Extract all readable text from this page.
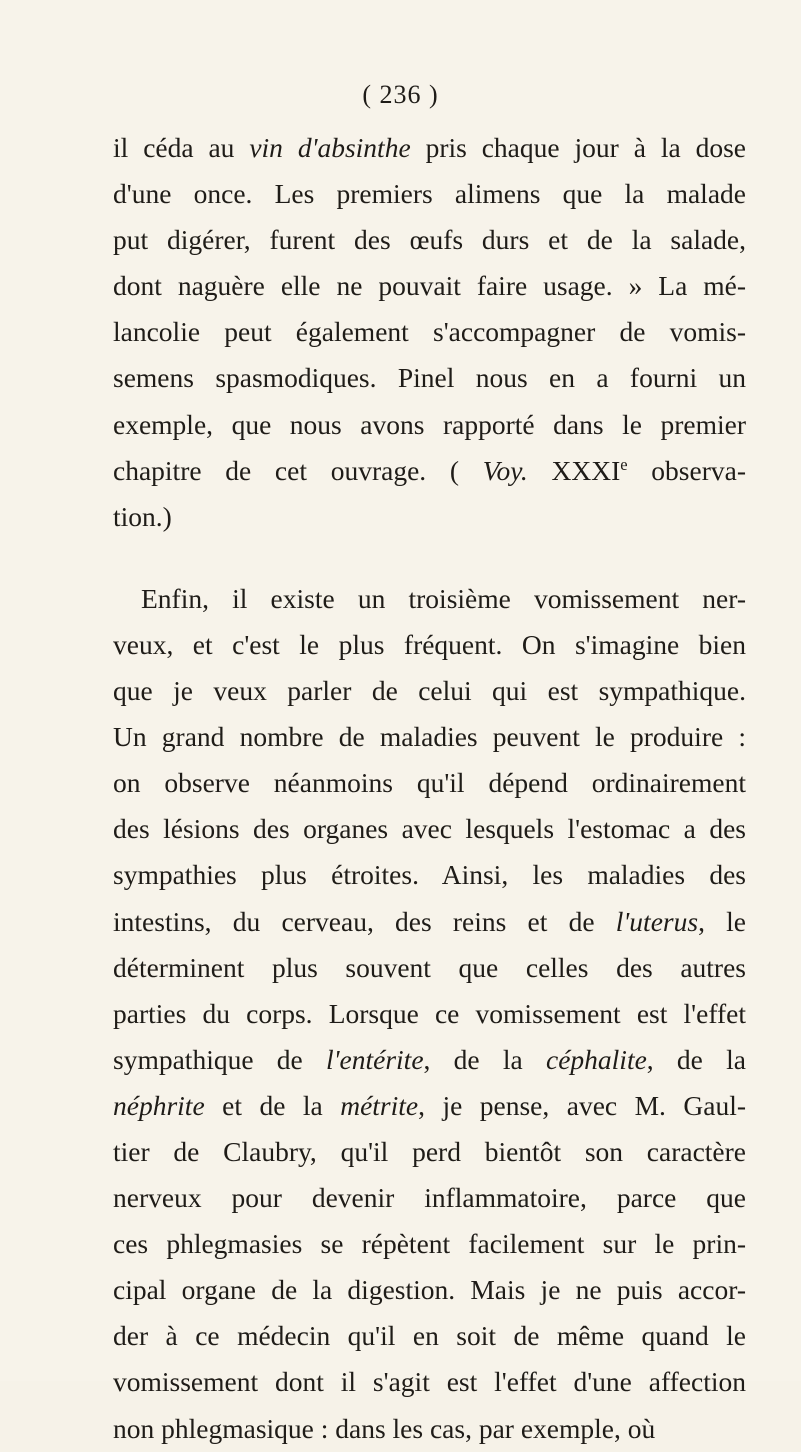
( 236 )
il céda au vin d'absinthe pris chaque jour à la dose
d'une once. Les premiers alimens que la malade
put digérer, furent des œufs durs et de la salade,
dont naguère elle ne pouvait faire usage. » La mé-
lancolie peut également s'accompagner de vomis-
semens spasmodiques. Pinel nous en a fourni un
exemple, que nous avons rapporté dans le premier
chapitre de cet ouvrage. ( Voy. XXXIe observa-
tion.)
Enfin, il existe un troisième vomissement ner-
veux, et c'est le plus fréquent. On s'imagine bien
que je veux parler de celui qui est sympathique.
Un grand nombre de maladies peuvent le produire :
on observe néanmoins qu'il dépend ordinairement
des lésions des organes avec lesquels l'estomac a des
sympathies plus étroites. Ainsi, les maladies des
intestins, du cerveau, des reins et de l'uterus, le
déterminent plus souvent que celles des autres
parties du corps. Lorsque ce vomissement est l'effet
sympathique de l'entérite, de la céphalite, de la
néphrite et de la métrite, je pense, avec M. Gaul-
tier de Claubry, qu'il perd bientôt son caractère
nerveux pour devenir inflammatoire, parce que
ces phlegmasies se répètent facilement sur le prin-
cipal organe de la digestion. Mais je ne puis accor-
der à ce médecin qu'il en soit de même quand le
vomissement dont il s'agit est l'effet d'une affection
non phlegmasique : dans les cas, par exemple, où
